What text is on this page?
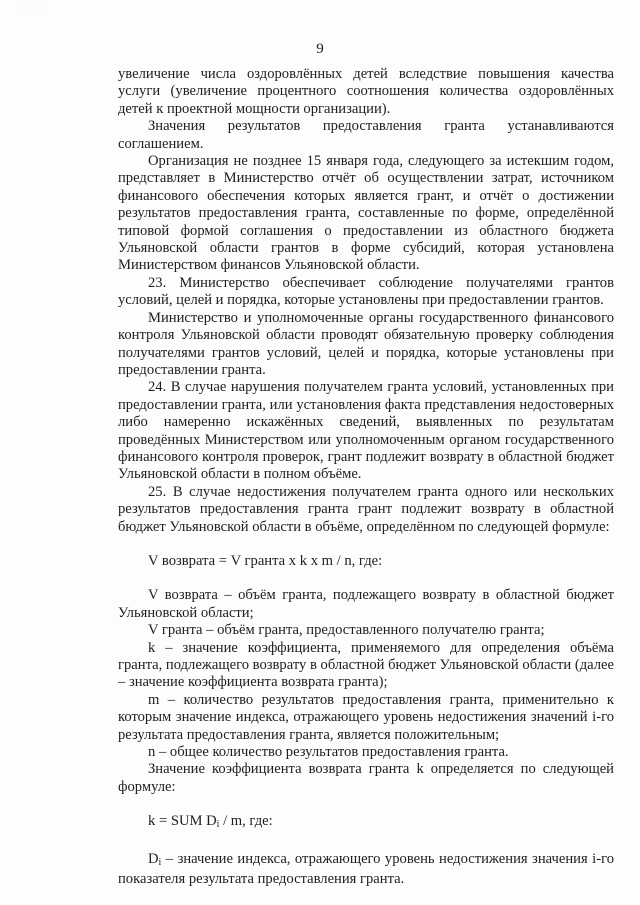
· · · ·
9

увеличение числа оздоровлённых детей вследствие повышения качества услуги (увеличение процентного соотношения количества оздоровлённых детей к проектной мощности организации).

Значения результатов предоставления гранта устанавливаются соглашением.

Организация не позднее 15 января года, следующего за истекшим годом, представляет в Министерство отчёт об осуществлении затрат, источником финансового обеспечения которых является грант, и отчёт о достижении результатов предоставления гранта, составленные по форме, определённой типовой формой соглашения о предоставлении из областного бюджета Ульяновской области грантов в форме субсидий, которая установлена Министерством финансов Ульяновской области.

23. Министерство обеспечивает соблюдение получателями грантов условий, целей и порядка, которые установлены при предоставлении грантов.

Министерство и уполномоченные органы государственного финансового контроля Ульяновской области проводят обязательную проверку соблюдения получателями грантов условий, целей и порядка, которые установлены при предоставлении гранта.

24. В случае нарушения получателем гранта условий, установленных при предоставлении гранта, или установления факта представления недостоверных либо намеренно искажённых сведений, выявленных по результатам проведённых Министерством или уполномоченным органом государственного финансового контроля проверок, грант подлежит возврату в областной бюджет Ульяновской области в полном объёме.

25. В случае недостижения получателем гранта одного или нескольких результатов предоставления гранта грант подлежит возврату в областной бюджет Ульяновской области в объёме, определённом по следующей формуле:

V возврата = V гранта x k x m / n, где:

V возврата – объём гранта, подлежащего возврату в областной бюджет Ульяновской области;

V гранта – объём гранта, предоставленного получателю гранта;

k – значение коэффициента, применяемого для определения объёма гранта, подлежащего возврату в областной бюджет Ульяновской области (далее – значение коэффициента возврата гранта);

m – количество результатов предоставления гранта, применительно к которым значение индекса, отражающего уровень недостижения значений i-го результата предоставления гранта, является положительным;

n – общее количество результатов предоставления гранта.

Значение коэффициента возврата гранта k определяется по следующей формуле:

k = SUM $D_i$ / m, где:

$D_i$ – значение индекса, отражающего уровень недостижения значения i-го показателя результата предоставления гранта.
